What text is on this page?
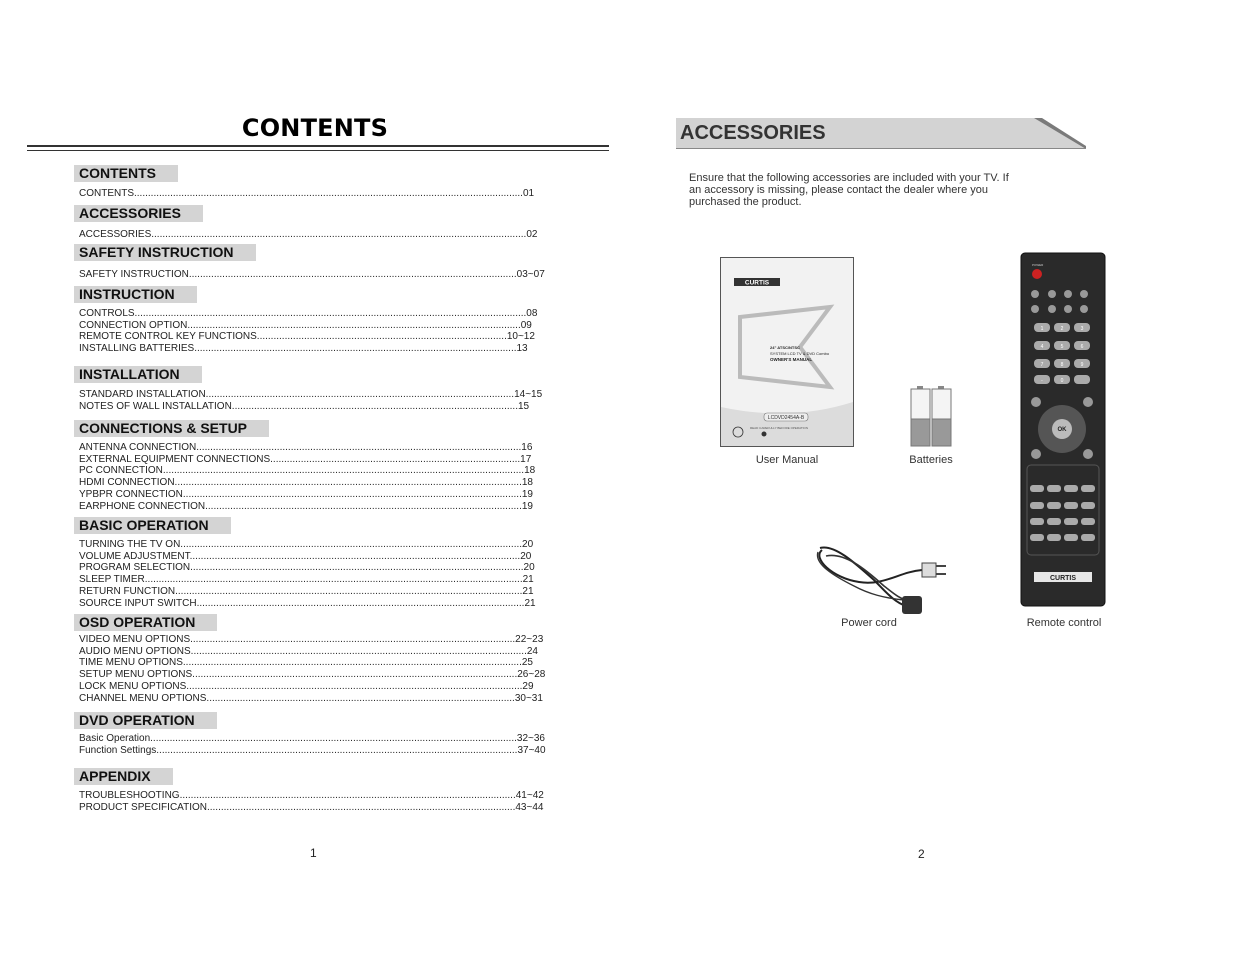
CONTENTS
CONTENTS
CONTENTS............................................................................................................................................01
ACCESSORIES
ACCESSORIES.......................................................................................................................................02
SAFETY INSTRUCTION
SAFETY INSTRUCTION......................................................................................................................03~07
INSTRUCTION
CONTROLS.............................................................................................................................................08
CONNECTION OPTION........................................................................................................................09
REMOTE CONTROL KEY FUNCTIONS..........................................................................................10~12
INSTALLING BATTERIES....................................................................................................................13
INSTALLATION
STANDARD INSTALLATION...............................................................................................................14~15
NOTES OF WALL INSTALLATION.......................................................................................................15
CONNECTIONS & SETUP
ANTENNA CONNECTION.....................................................................................................................16
EXTERNAL EQUIPMENT CONNECTIONS..........................................................................................17
PC CONNECTION..................................................................................................................................18
HDMI CONNECTION.............................................................................................................................18
YPBPR CONNECTION..........................................................................................................................19
EARPHONE CONNECTION..................................................................................................................19
BASIC OPERATION
TURNING THE TV ON...........................................................................................................................20
VOLUME ADJUSTMENT.......................................................................................................................20
PROGRAM SELECTION........................................................................................................................20
SLEEP TIMER........................................................................................................................................21
RETURN FUNCTION.............................................................................................................................21
SOURCE INPUT SWITCH......................................................................................................................21
OSD OPERATION
VIDEO MENU OPTIONS.....................................................................................................................22~23
AUDIO MENU OPTIONS.........................................................................................................................24
TIME MENU OPTIONS..........................................................................................................................25
SETUP MENU OPTIONS.....................................................................................................................26~28
LOCK MENU OPTIONS.........................................................................................................................29
CHANNEL MENU OPTIONS...............................................................................................................30~31
DVD OPERATION
Basic Operation....................................................................................................................................32~36
Function Settings..................................................................................................................................37~40
APPENDIX
TROUBLESHOOTING.........................................................................................................................41~42
PRODUCT SPECIFICATION...............................................................................................................43~44
1
ACCESSORIES
Ensure that the following accessories are included with your TV. If an accessory is missing, please contact the dealer where you purchased the product.
CURTIS
24" ATSC/NTSC
SYSTEM LCD TV & DVD Combo
OWNER'S MANUAL
LCDVD2454A-B
READ CAREFULLY BEFORE OPERATION
User Manual	Batteries
Power cord
POWER
1	2	3
4	5	6
7	8	9
-	0
OK
CURTIS
Remote control
2
